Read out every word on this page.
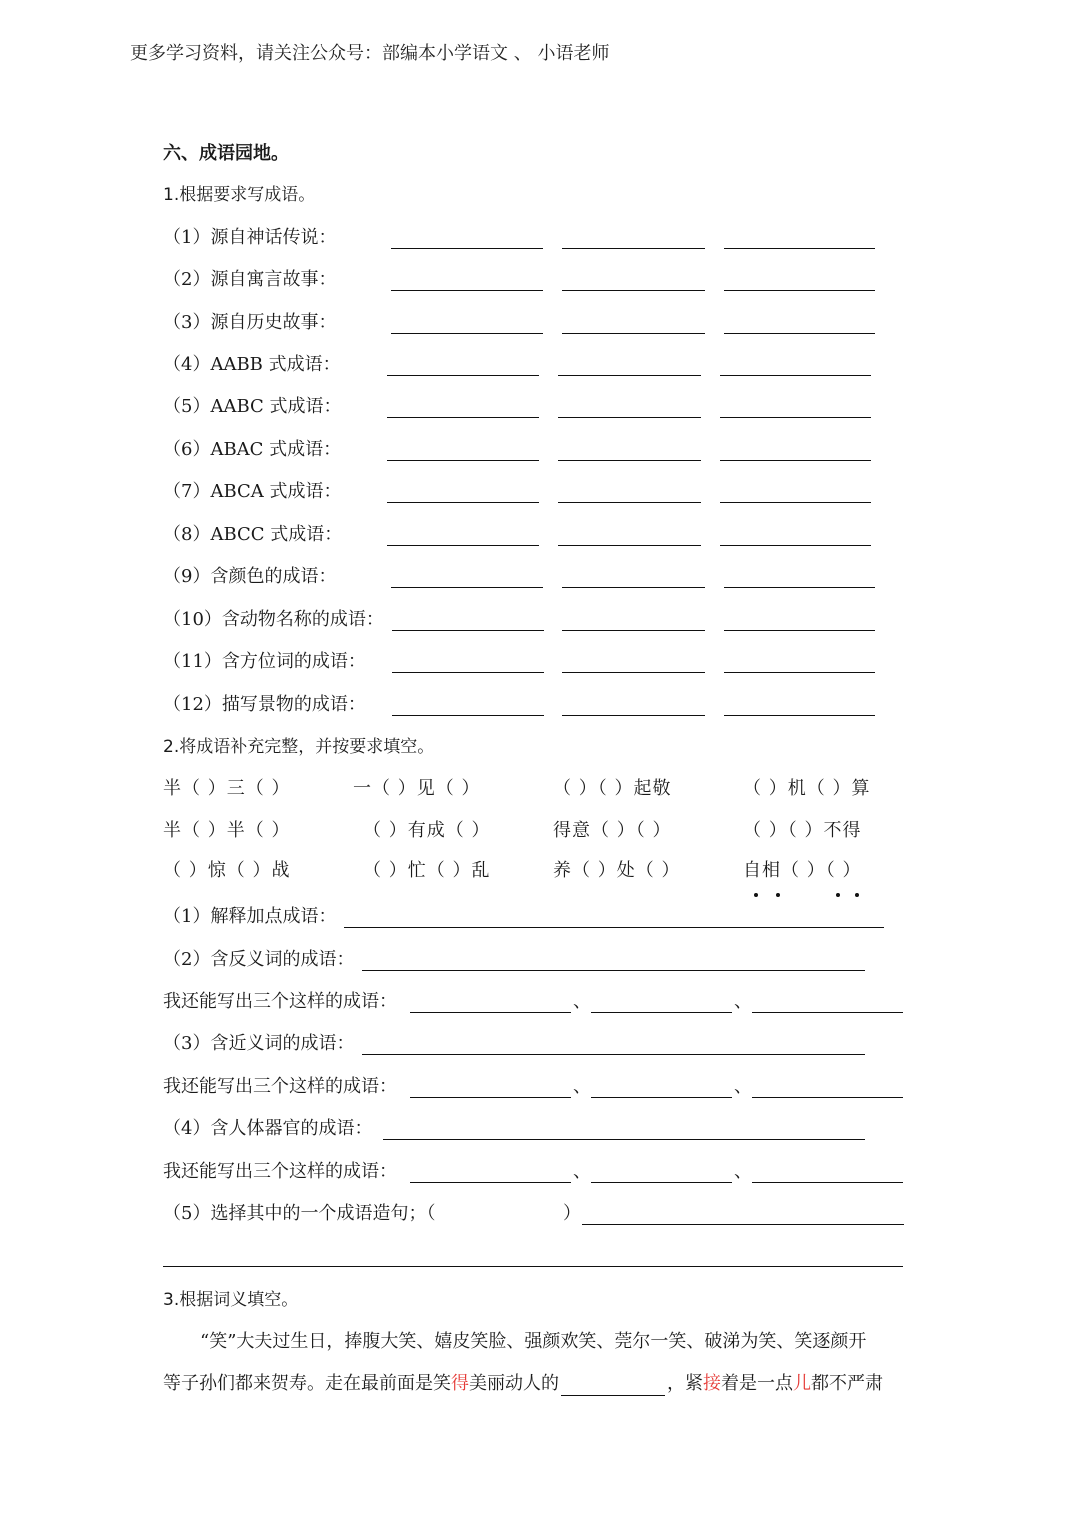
更多学习资料，请关注公众号：部编本小学语文 、 小语老师
六、成语园地。
1.根据要求写成语。
（1）源自神话传说：
（2）源自寓言故事：
（3）源自历史故事：
（4）AABB 式成语：
（5）AABC 式成语：
（6）ABAC 式成语：
（7）ABCA 式成语：
（8）ABCC 式成语：
（9）含颜色的成语：
（10）含动物名称的成语：
（11）含方位词的成语：
（12）描写景物的成语：
2.将成语补充完整，并按要求填空。
半（ ）三（ ）	一（ ）见（ ）	（ ）（ ）起敬	（ ）机（ ）算
半（ ）半（ ）	（ ）有成（ ）	得意（ ）（ ）	（ ）（ ）不得
（ ）惊（ ）战	（ ）忙（ ）乱	养（ ）处（ ）	自相（ ）（ ）
（1）解释加点成语：
（2）含反义词的成语：
我还能写出三个这样的成语：	、	、
（3）含近义词的成语：
我还能写出三个这样的成语：	、	、
（4）含人体器官的成语：
我还能写出三个这样的成语：	、	、
（5）选择其中的一个成语造句；（	）
3.根据词义填空。
“笑”大夫过生日，捧腹大笑、嬉皮笑脸、强颜欢笑、莞尔一笑、破涕为笑、笑逐颜开
等子孙们都来贺寿。走在最前面是笑得美丽动人的	，紧接着是一点儿都不严肃
